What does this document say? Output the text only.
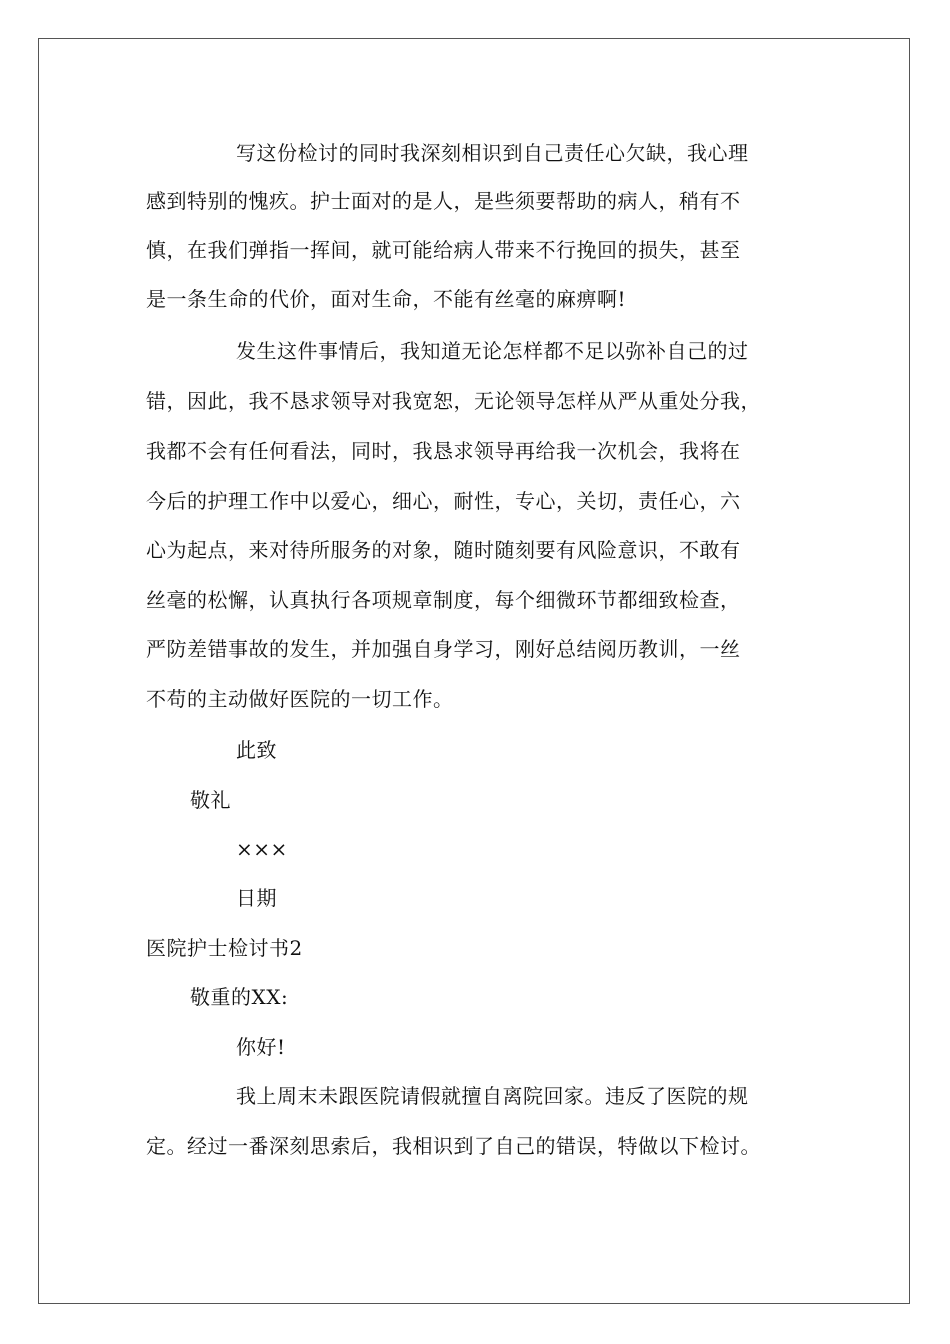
写这份检讨的同时我深刻相识到自己责任心欠缺，我心理
感到特别的愧疚。护士面对的是人，是些须要帮助的病人，稍有不
慎，在我们弹指一挥间，就可能给病人带来不行挽回的损失，甚至
是一条生命的代价，面对生命，不能有丝毫的麻痹啊!
发生这件事情后，我知道无论怎样都不足以弥补自己的过
错，因此，我不恳求领导对我宽恕，无论领导怎样从严从重处分我，
我都不会有任何看法，同时，我恳求领导再给我一次机会，我将在
今后的护理工作中以爱心，细心，耐性，专心，关切，责任心，六
心为起点，来对待所服务的对象，随时随刻要有风险意识，不敢有
丝毫的松懈，认真执行各项规章制度，每个细微环节都细致检查，
严防差错事故的发生，并加强自身学习，刚好总结阅历教训，一丝
不苟的主动做好医院的一切工作。
此致
敬礼
×××
日期
医院护士检讨书2
敬重的XX:
你好!
我上周末未跟医院请假就擅自离院回家。违反了医院的规
定。经过一番深刻思索后，我相识到了自己的错误，特做以下检讨。
